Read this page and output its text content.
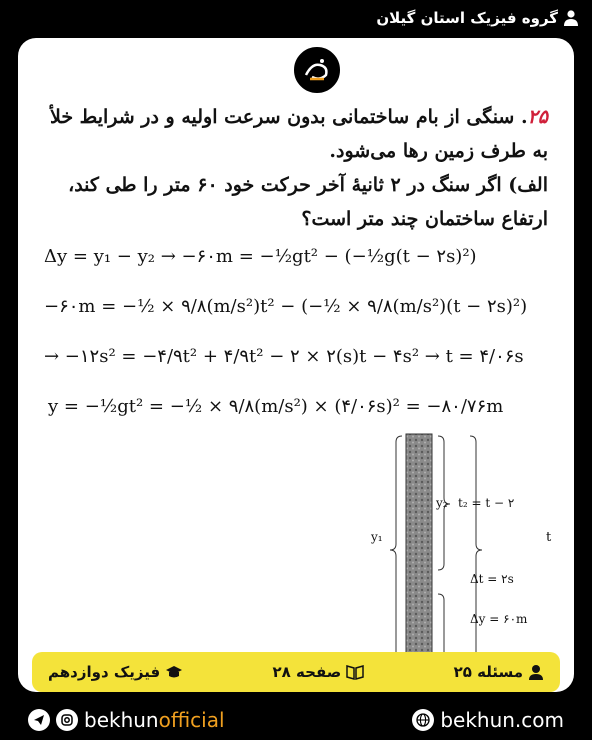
گروه فیزیک استان گیلان
۲۵. سنگی از بام ساختمانی بدون سرعت اولیه و در شرایط خلأ
به طرف زمین رها می‌شود.
الف) اگر سنگ در ۲ ثانیهٔ آخر حرکت خود ۶۰ متر را طی کند،
ارتفاع ساختمان چند متر است؟
Δy = y₁ − y₂ → −۶۰m = −½gt² − (−½g(t − ۲s)²)
−۶۰m = −½ × ۹/۸(m/s²)t² − (−½ × ۹/۸(m/s²)(t − ۲s)²)
→ −۱۲s² = −۴/۹t² + ۴/۹t² − ۲ × ۲(s)t − ۴s² → t = ۴/۰۶s
y = −½gt² = −½ × ۹/۸(m/s²) × (۴/۰۶s)² = −۸۰/۷۶m
y₁
y₂ t₂ = t − ۲
t
Δt = ۲s
Δy = ۶۰m
مسئله ۲۵
صفحه ۲۸
فیزیک دوازدهم
bekhunofficial	bekhun.com
